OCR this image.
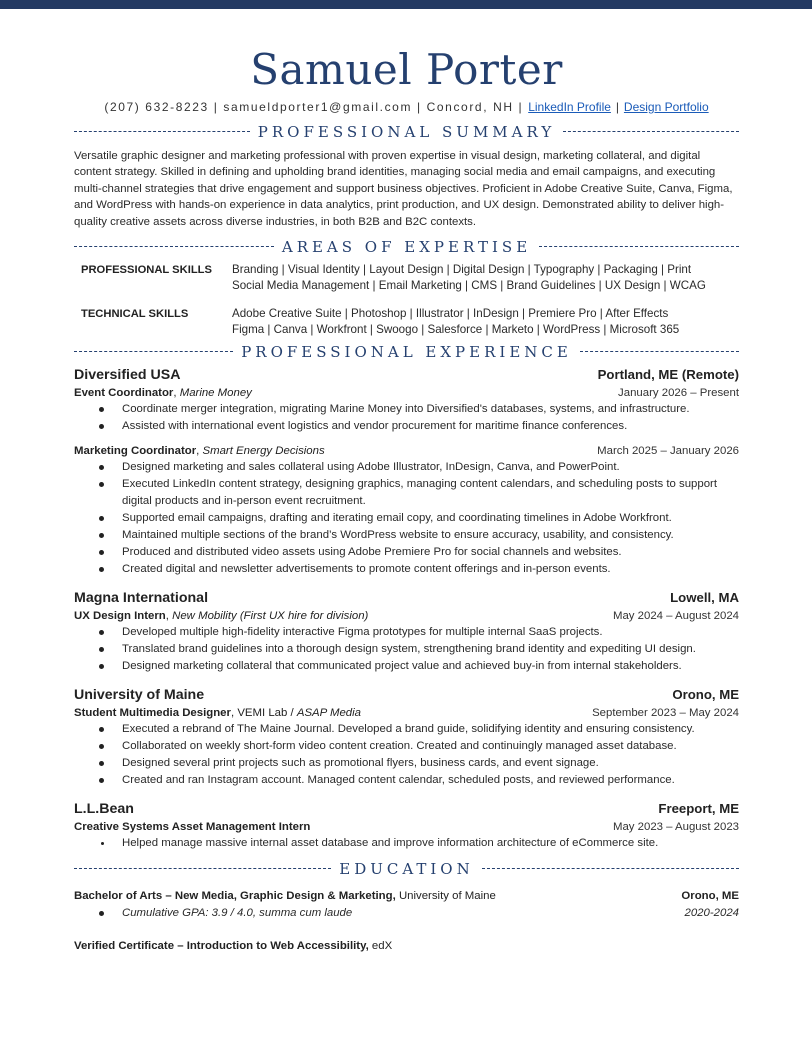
Samuel Porter
(207) 632-8223 | samueldporter1@gmail.com | Concord, NH | LinkedIn Profile | Design Portfolio
PROFESSIONAL SUMMARY

Versatile graphic designer and marketing professional with proven expertise in visual design, marketing collateral, and digital content strategy. Skilled in defining and upholding brand identities, managing social media and email campaigns, and executing multi-channel strategies that drive engagement and support business objectives. Proficient in Adobe Creative Suite, Canva, Figma, and WordPress with hands-on experience in data analytics, print production, and UX design. Demonstrated ability to deliver high-quality creative assets across diverse industries, in both B2B and B2C contexts.

AREAS OF EXPERTISE
PROFESSIONAL SKILLS	Branding | Visual Identity | Layout Design | Digital Design | Typography | Packaging | Print
Social Media Management | Email Marketing | CMS | Brand Guidelines | UX Design | WCAG
TECHNICAL SKILLS	Adobe Creative Suite | Photoshop | Illustrator | InDesign | Premiere Pro | After Effects
Figma | Canva | Workfront | Swoogo | Salesforce | Marketo | WordPress | Microsoft 365
PROFESSIONAL EXPERIENCE
Diversified USA	Portland, ME (Remote)
Event Coordinator, Marine Money	January 2026 – Present
Coordinate merger integration, migrating Marine Money into Diversified's databases, systems, and infrastructure.
Assisted with international event logistics and vendor procurement for maritime finance conferences.
Marketing Coordinator, Smart Energy Decisions	March 2025 – January 2026
Designed marketing and sales collateral using Adobe Illustrator, InDesign, Canva, and PowerPoint.
Executed LinkedIn content strategy, designing graphics, managing content calendars, and scheduling posts to support digital products and in-person event recruitment.
Supported email campaigns, drafting and iterating email copy, and coordinating timelines in Adobe Workfront.
Maintained multiple sections of the brand’s WordPress website to ensure accuracy, usability, and consistency.
Produced and distributed video assets using Adobe Premiere Pro for social channels and websites.
Created digital and newsletter advertisements to promote content offerings and in-person events.
Magna International	Lowell, MA
UX Design Intern, New Mobility (First UX hire for division)	May 2024 – August 2024
Developed multiple high-fidelity interactive Figma prototypes for multiple internal SaaS projects.
Translated brand guidelines into a thorough design system, strengthening brand identity and expediting UI design.
Designed marketing collateral that communicated project value and achieved buy-in from internal stakeholders.
University of Maine	Orono, ME
Student Multimedia Designer, VEMI Lab / ASAP Media	September 2023 – May 2024
Executed a rebrand of The Maine Journal. Developed a brand guide, solidifying identity and ensuring consistency.
Collaborated on weekly short-form video content creation. Created and continuingly managed asset database.
Designed several print projects such as promotional flyers, business cards, and event signage.
Created and ran Instagram account. Managed content calendar, scheduled posts, and reviewed performance.
L.L.Bean	Freeport, ME
Creative Systems Asset Management Intern	May 2023 – August 2023
Helped manage massive internal asset database and improve information architecture of eCommerce site.
EDUCATION
Bachelor of Arts – New Media, Graphic Design & Marketing, University of Maine	Orono, ME
Cumulative GPA: 3.9 / 4.0, summa cum laude	2020-2024
Verified Certificate – Introduction to Web Accessibility, edX
